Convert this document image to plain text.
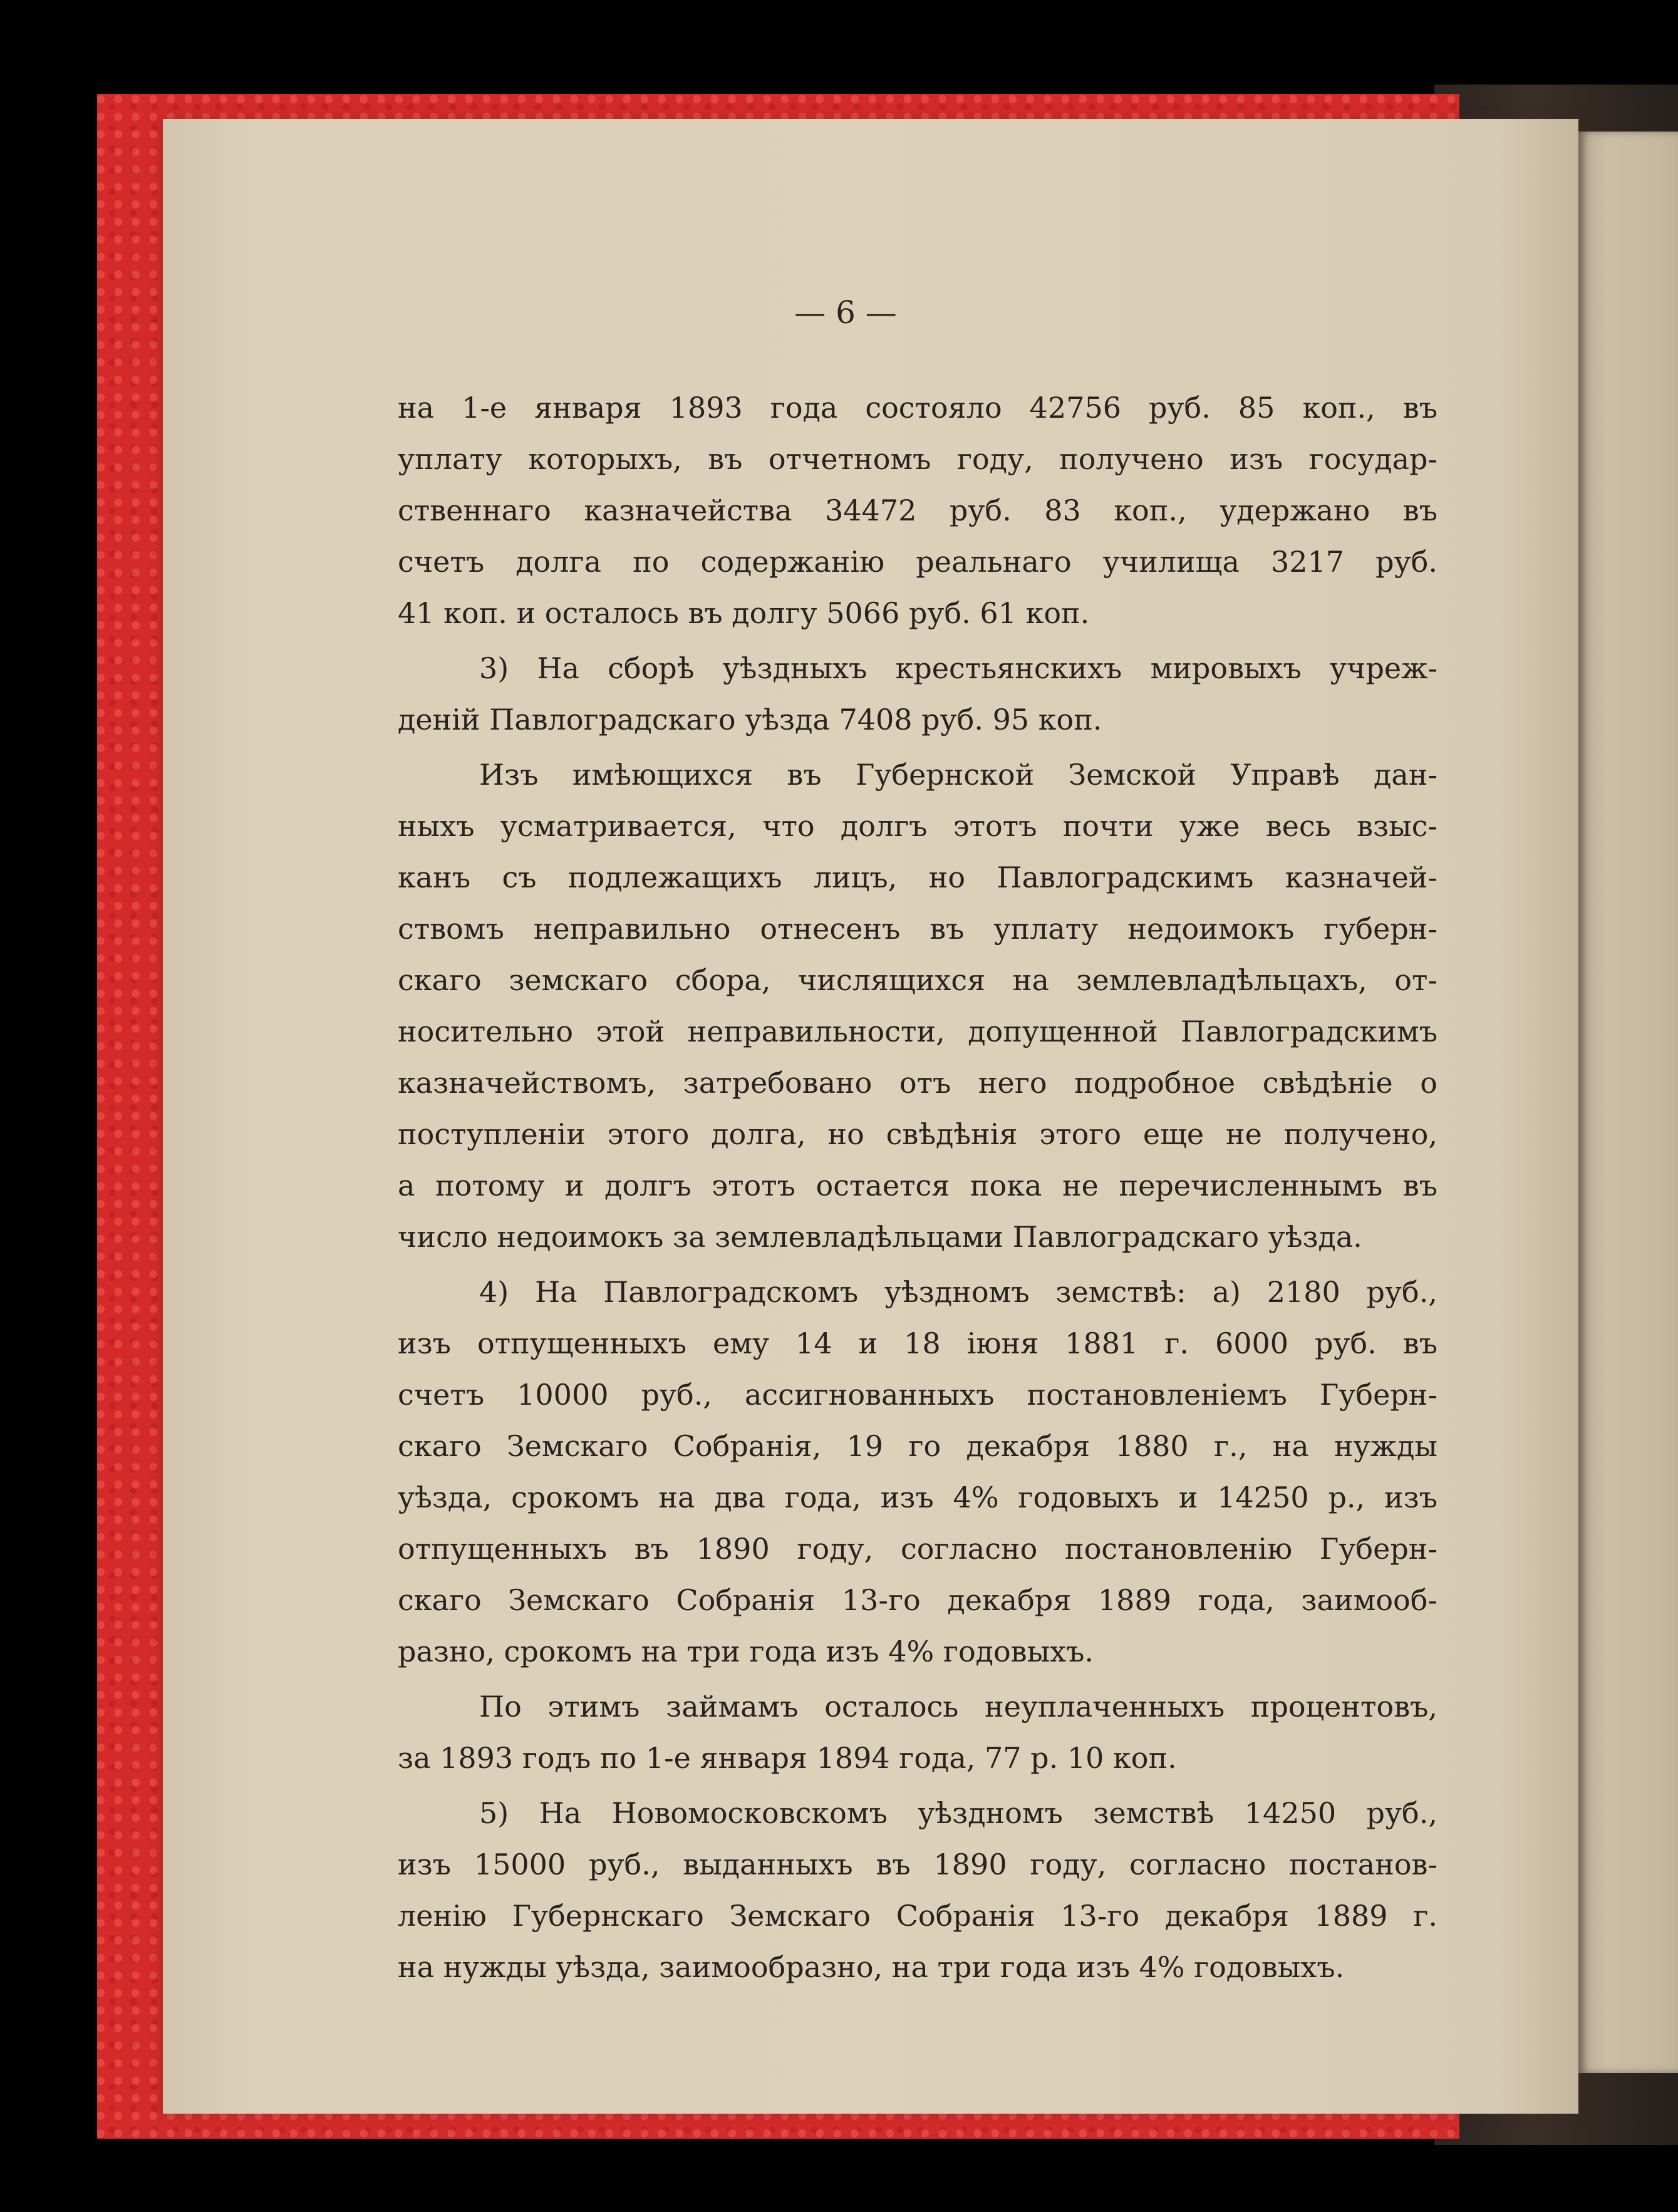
— 6 —

на 1-е января 1893 года состояло 42756 руб. 85 коп., въ
уплату которыхъ, въ отчетномъ году, получено изъ государ-
ственнаго казначейства 34472 руб. 83 коп., удержано въ
счетъ долга по содержанію реальнаго училища 3217 руб.
41 коп. и осталось въ долгу 5066 руб. 61 коп.
3) На сборѣ уѣздныхъ крестьянскихъ мировыхъ учреж-
деній Павлоградскаго уѣзда 7408 руб. 95 коп.
Изъ имѣющихся въ Губернской Земской Управѣ дан-
ныхъ усматривается, что долгъ этотъ почти уже весь взыс-
канъ съ подлежащихъ лицъ, но Павлоградскимъ казначей-
ствомъ неправильно отнесенъ въ уплату недоимокъ губерн-
скаго земскаго сбора, числящихся на землевладѣльцахъ, от-
носительно этой неправильности, допущенной Павлоградскимъ
казначействомъ, затребовано отъ него подробное свѣдѣніе о
поступленіи этого долга, но свѣдѣнія этого еще не получено,
а потому и долгъ этотъ остается пока не перечисленнымъ въ
число недоимокъ за землевладѣльцами Павлоградскаго уѣзда.
4) На Павлоградскомъ уѣздномъ земствѣ: а) 2180 руб.,
изъ отпущенныхъ ему 14 и 18 іюня 1881 г. 6000 руб. въ
счетъ 10000 руб., ассигнованныхъ постановленіемъ Губерн-
скаго Земскаго Собранія, 19 го декабря 1880 г., на нужды
уѣзда, срокомъ на два года, изъ 4% годовыхъ и 14250 р., изъ
отпущенныхъ въ 1890 году, согласно постановленію Губерн-
скаго Земскаго Собранія 13-го декабря 1889 года, заимооб-
разно, срокомъ на три года изъ 4% годовыхъ.
По этимъ займамъ осталось неуплаченныхъ процентовъ,
за 1893 годъ по 1-е января 1894 года, 77 р. 10 коп.
5) На Новомосковскомъ уѣздномъ земствѣ 14250 руб.,
изъ 15000 руб., выданныхъ въ 1890 году, согласно постанов-
ленію Губернскаго Земскаго Собранія 13-го декабря 1889 г.
на нужды уѣзда, заимообразно, на три года изъ 4% годовыхъ.
